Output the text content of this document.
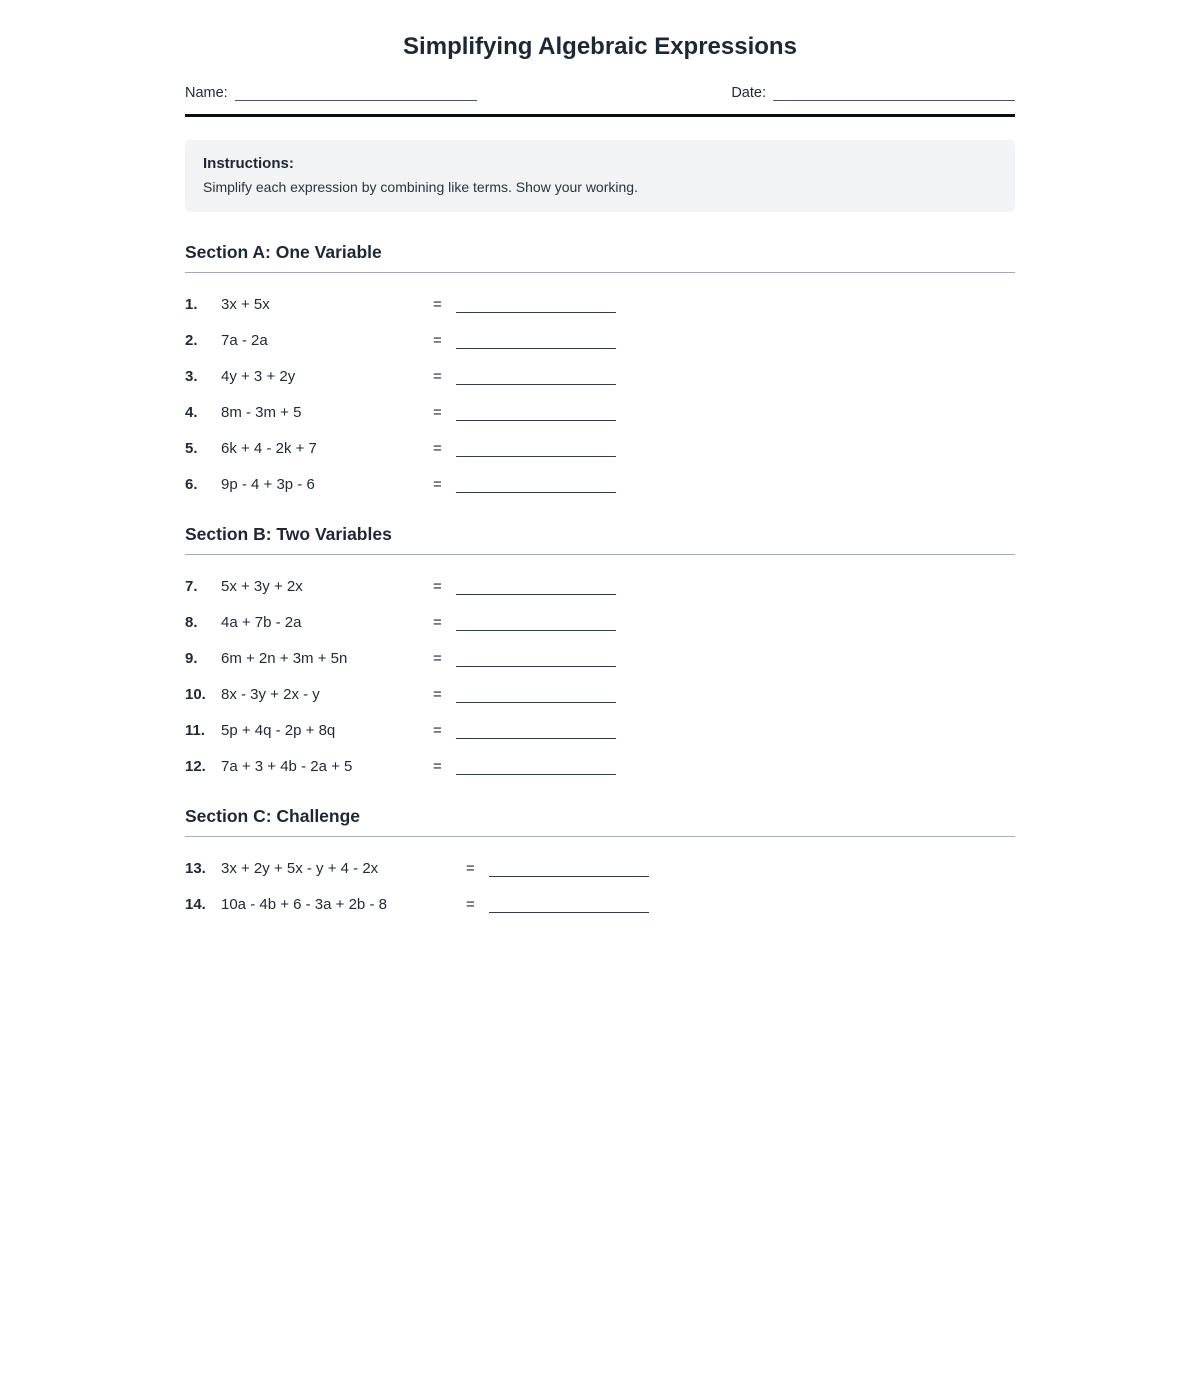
Simplifying Algebraic Expressions
Name:	Date:
Instructions:
Simplify each expression by combining like terms. Show your working.
Section A: One Variable
1.	3x + 5x	=
2.	7a - 2a	=
3.	4y + 3 + 2y	=
4.	8m - 3m + 5	=
5.	6k + 4 - 2k + 7	=
6.	9p - 4 + 3p - 6	=
Section B: Two Variables
7.	5x + 3y + 2x	=
8.	4a + 7b - 2a	=
9.	6m + 2n + 3m + 5n	=
10.	8x - 3y + 2x - y	=
11.	5p + 4q - 2p + 8q	=
12.	7a + 3 + 4b - 2a + 5	=
Section C: Challenge
13.	3x + 2y + 5x - y + 4 - 2x	=
14.	10a - 4b + 6 - 3a + 2b - 8	=
